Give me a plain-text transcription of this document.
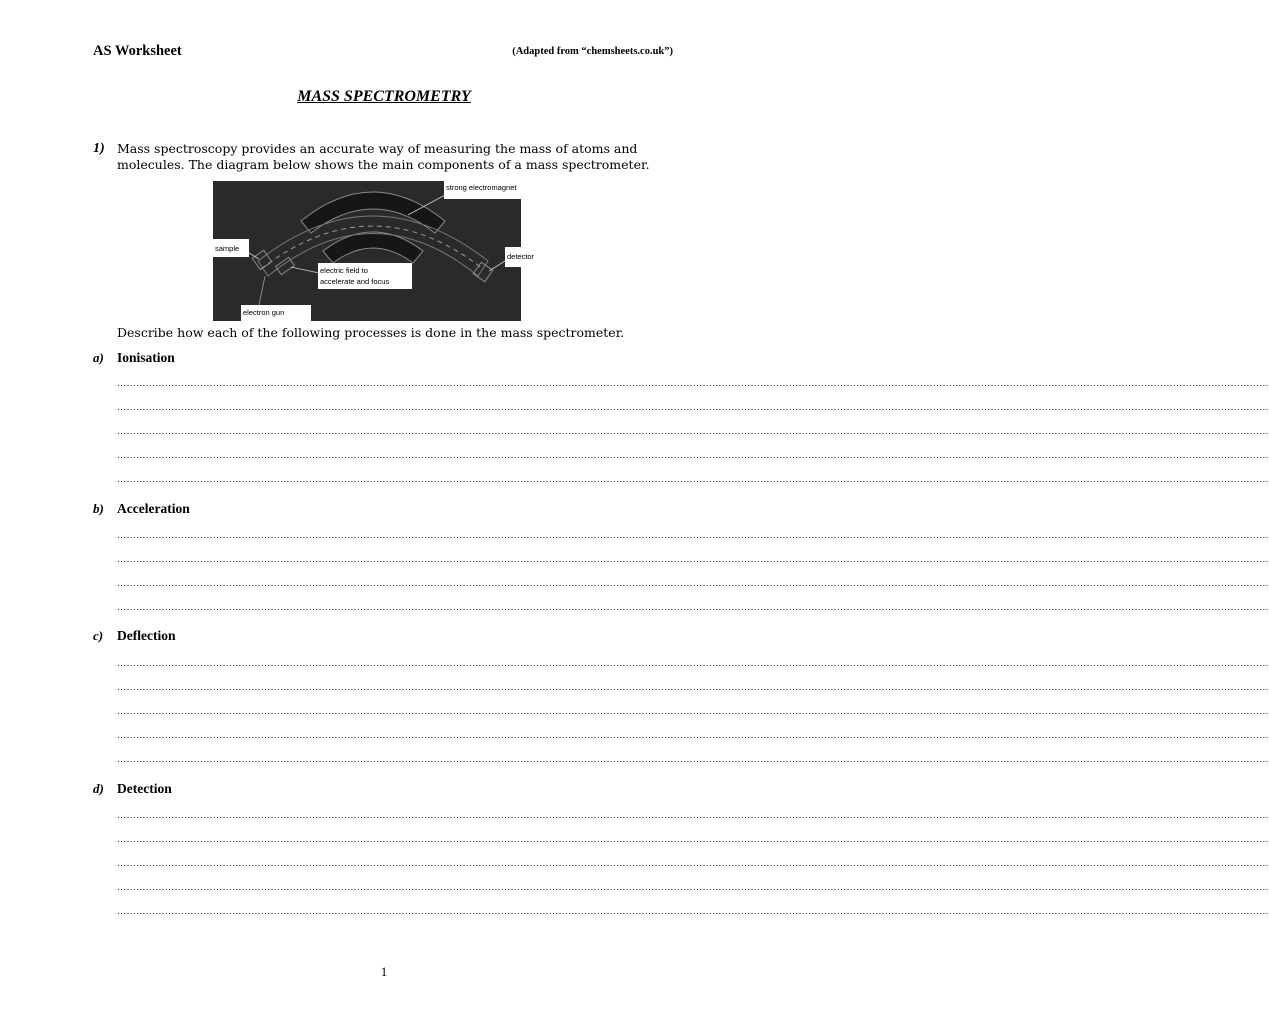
AS Worksheet	(Adapted from “chemsheets.co.uk”)
MASS SPECTROMETRY
1) Mass spectroscopy provides an accurate way of measuring the mass of atoms and molecules. The diagram below shows the main components of a mass spectrometer.
strong electromagnet
sample
detector
electric field to
accelerate and focus
electron gun
Describe how each of the following processes is done in the mass spectrometer.
a) Ionisation
………………………………………………………………………………………………………………………………………………………………………………………………………………………………………………………………………………………………………………………………
………………………………………………………………………………………………………………………………………………………………………………………………………………………………………………………………………………………………………………………………
………………………………………………………………………………………………………………………………………………………………………………………………………………………………………………………………………………………………………………………………
………………………………………………………………………………………………………………………………………………………………………………………………………………………………………………………………………………………………………………………………
………………………………………………………………………………………………………………………………………………………………………………………………………………………………………………………………………………………………………………………………
b) Acceleration
………………………………………………………………………………………………………………………………………………………………………………………………………………………………………………………………………………………………………………………………
………………………………………………………………………………………………………………………………………………………………………………………………………………………………………………………………………………………………………………………………
………………………………………………………………………………………………………………………………………………………………………………………………………………………………………………………………………………………………………………………………
………………………………………………………………………………………………………………………………………………………………………………………………………………………………………………………………………………………………………………………………
c) Deflection
………………………………………………………………………………………………………………………………………………………………………………………………………………………………………………………………………………………………………………………………
………………………………………………………………………………………………………………………………………………………………………………………………………………………………………………………………………………………………………………………………
………………………………………………………………………………………………………………………………………………………………………………………………………………………………………………………………………………………………………………………………
………………………………………………………………………………………………………………………………………………………………………………………………………………………………………………………………………………………………………………………………
………………………………………………………………………………………………………………………………………………………………………………………………………………………………………………………………………………………………………………………………
d) Detection
………………………………………………………………………………………………………………………………………………………………………………………………………………………………………………………………………………………………………………………………
………………………………………………………………………………………………………………………………………………………………………………………………………………………………………………………………………………………………………………………………
………………………………………………………………………………………………………………………………………………………………………………………………………………………………………………………………………………………………………………………………
………………………………………………………………………………………………………………………………………………………………………………………………………………………………………………………………………………………………………………………………
………………………………………………………………………………………………………………………………………………………………………………………………………………………………………………………………………………………………………………………………
1
